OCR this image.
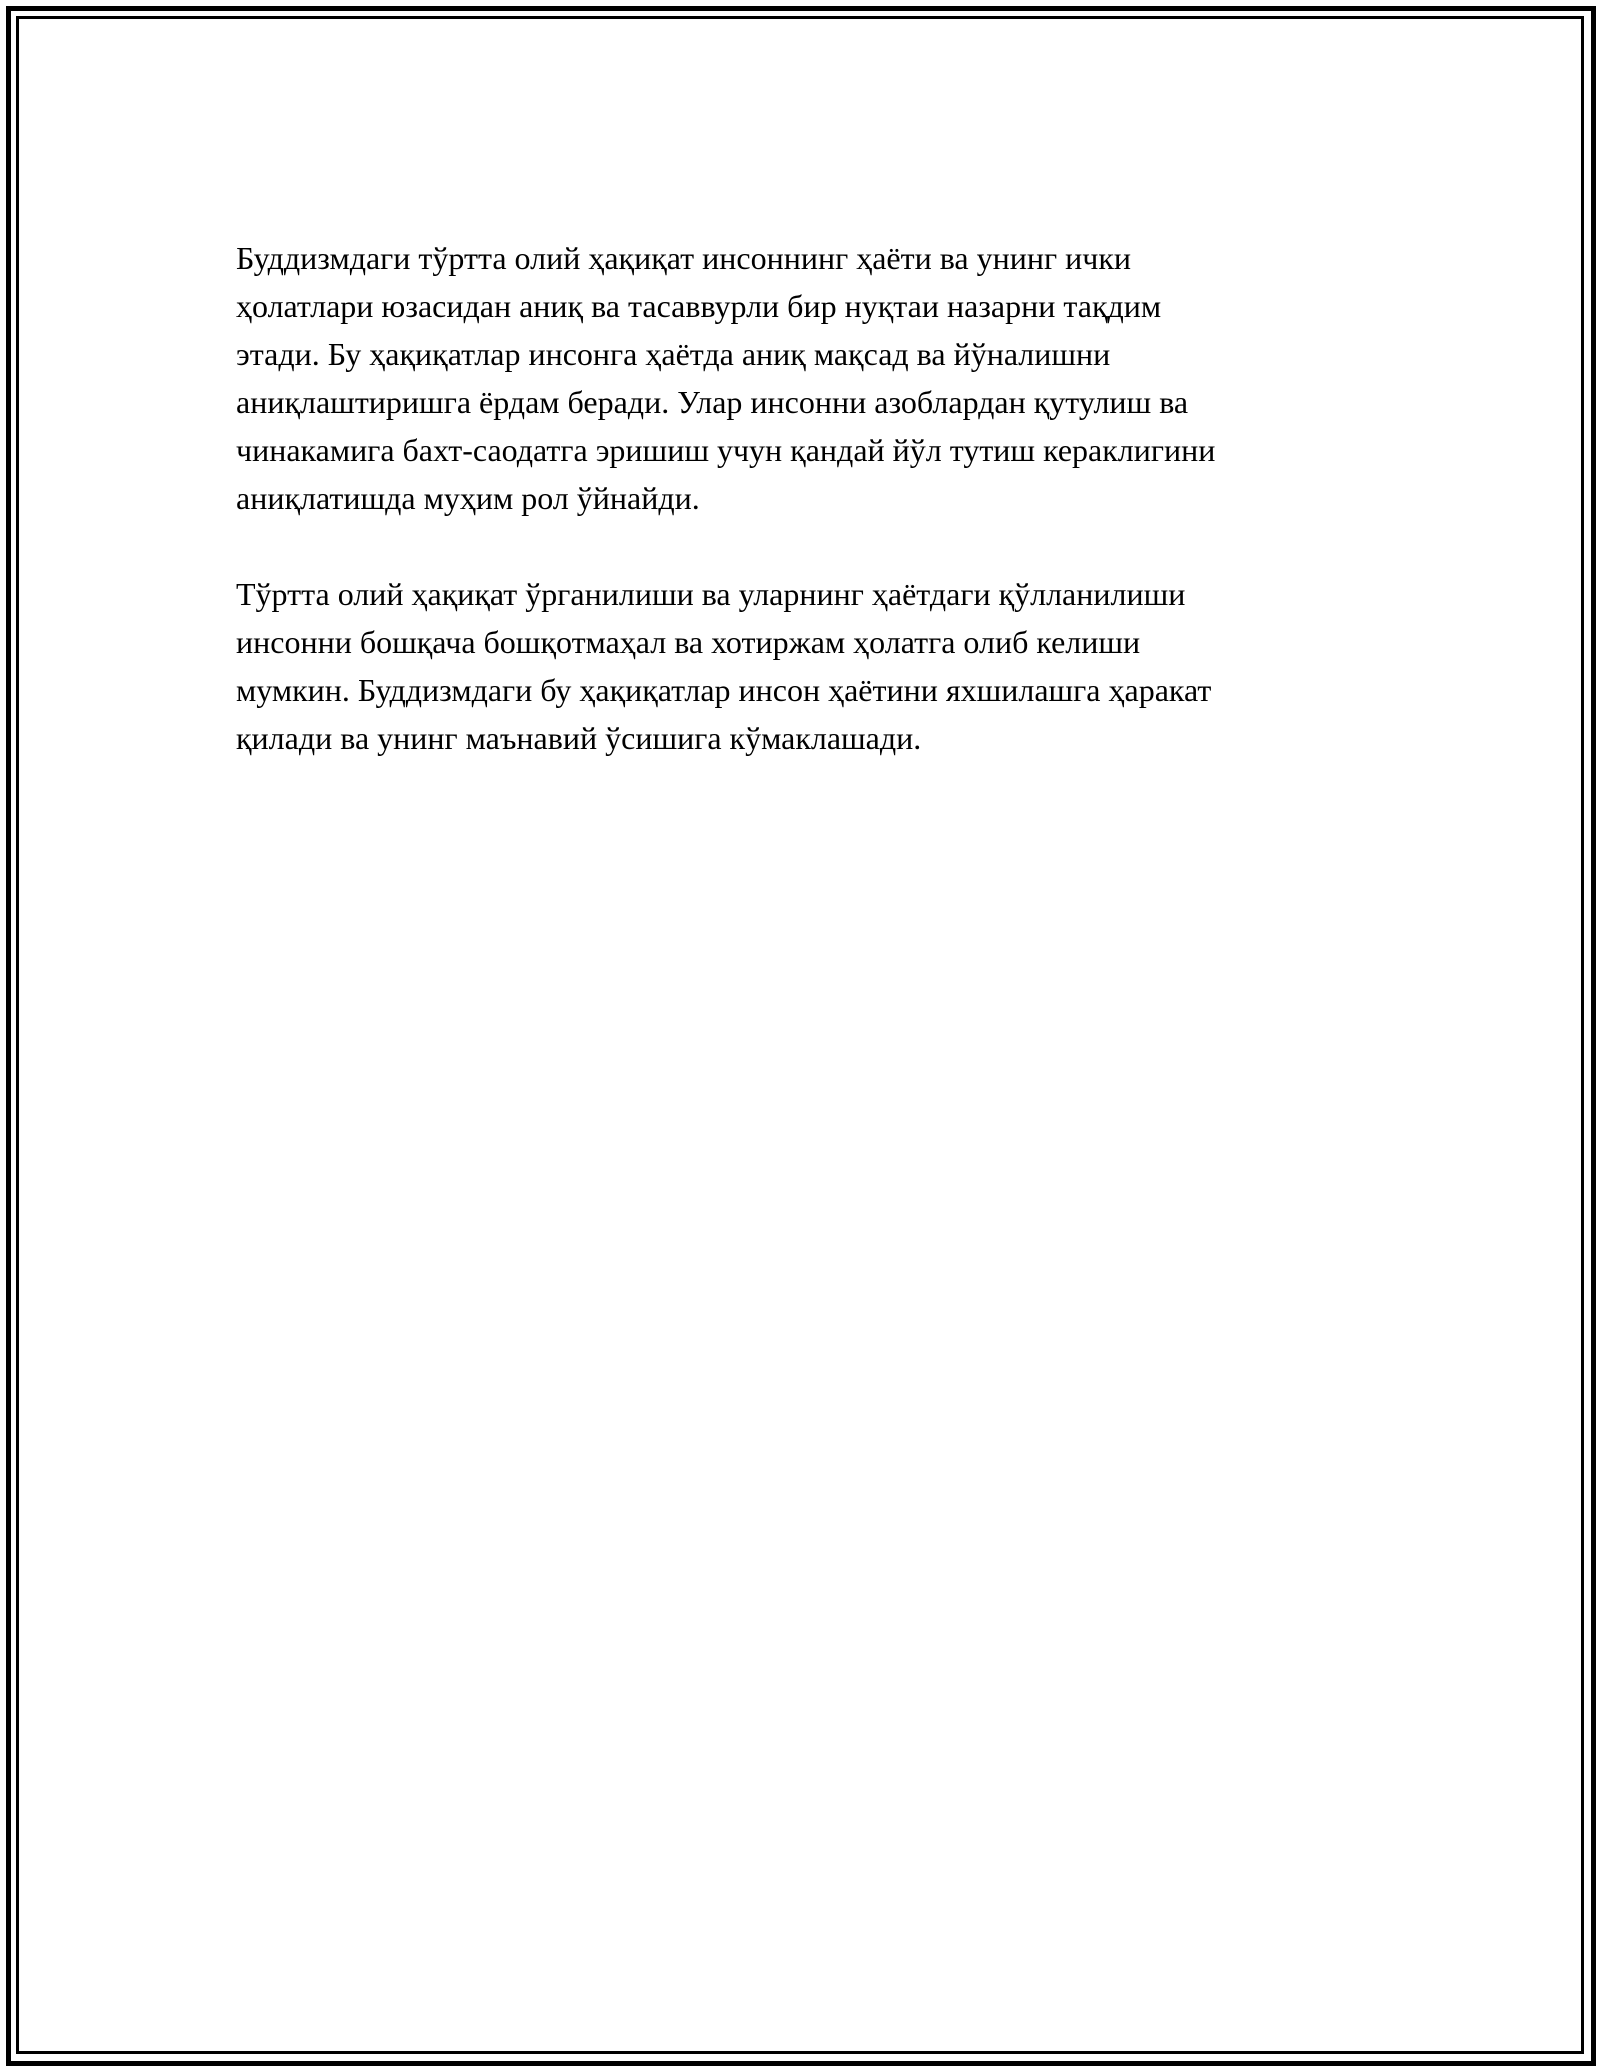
Буддизмдаги тўртта олий ҳақиқат инсоннинг ҳаёти ва унинг ички
ҳолатлари юзасидан аниқ ва тасаввурли бир нуқтаи назарни тақдим
этади. Бу ҳақиқатлар инсонга ҳаётда аниқ мақсад ва йўналишни
аниқлаштиришга ёрдам беради. Улар инсонни азоблардан қутулиш ва
чинакамига бахт-саодатга эришиш учун қандай йўл тутиш кераклигини
аниқлатишда муҳим рол ўйнайди.

Тўртта олий ҳақиқат ўрганилиши ва уларнинг ҳаётдаги қўлланилиши
инсонни бошқача бошқотмаҳал ва хотиржам ҳолатга олиб келиши
мумкин. Буддизмдаги бу ҳақиқатлар инсон ҳаётини яхшилашга ҳаракат
қилади ва унинг маънавий ўсишига кўмаклашади.
